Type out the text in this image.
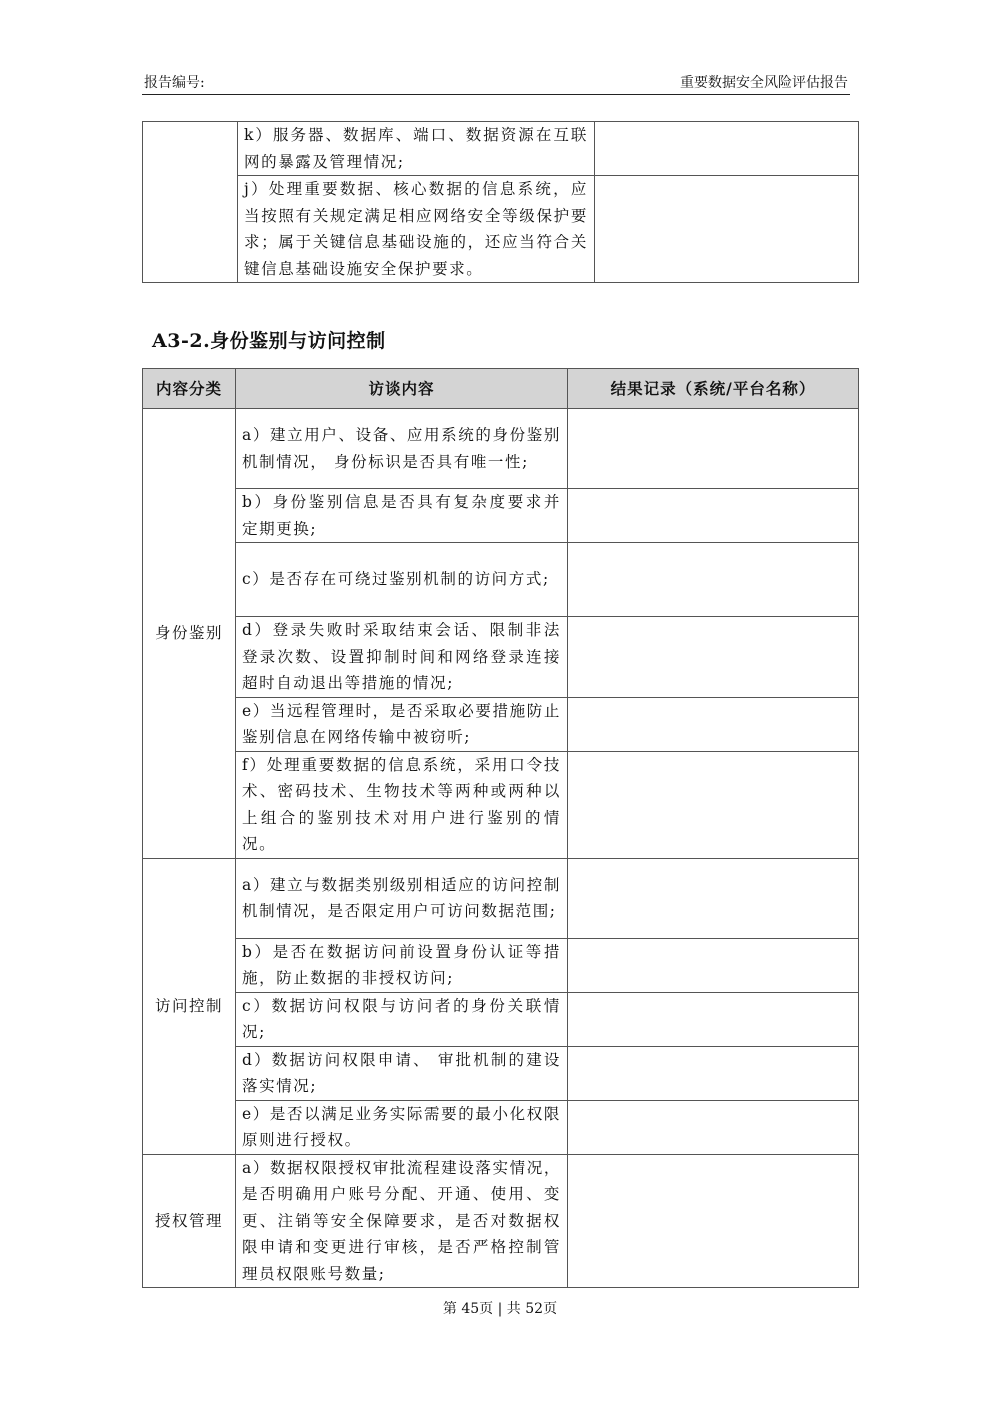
报告编号:	重要数据安全风险评估报告
	k）服务器、数据库、端口、数据资源在互联网的暴露及管理情况;	
	j）处理重要数据、核心数据的信息系统，应当按照有关规定满足相应网络安全等级保护要求；属于关键信息基础设施的，还应当符合关键信息基础设施安全保护要求。	
A3-2.身份鉴别与访问控制
内容分类	访谈内容	结果记录（系统/平台名称）
身份鉴别	a）建立用户、设备、应用系统的身份鉴别机制情况， 身份标识是否具有唯一性;	
	b）身份鉴别信息是否具有复杂度要求并定期更换;	
	c）是否存在可绕过鉴别机制的访问方式;	
	d）登录失败时采取结束会话、限制非法登录次数、设置抑制时间和网络登录连接超时自动退出等措施的情况;	
	e）当远程管理时，是否采取必要措施防止鉴别信息在网络传输中被窃听;	
	f）处理重要数据的信息系统，采用口令技术、密码技术、生物技术等两种或两种以上组合的鉴别技术对用户进行鉴别的情况。	
访问控制	a）建立与数据类别级别相适应的访问控制机制情况，是否限定用户可访问数据范围;	
	b）是否在数据访问前设置身份认证等措施，防止数据的非授权访问;	
	c）数据访问权限与访问者的身份关联情况;	
	d）数据访问权限申请、 审批机制的建设落实情况;	
	e）是否以满足业务实际需要的最小化权限原则进行授权。	
授权管理	a）数据权限授权审批流程建设落实情况，是否明确用户账号分配、开通、使用、变更、注销等安全保障要求，是否对数据权限申请和变更进行审核，是否严格控制管理员权限账号数量;	
第 45页 | 共 52页
